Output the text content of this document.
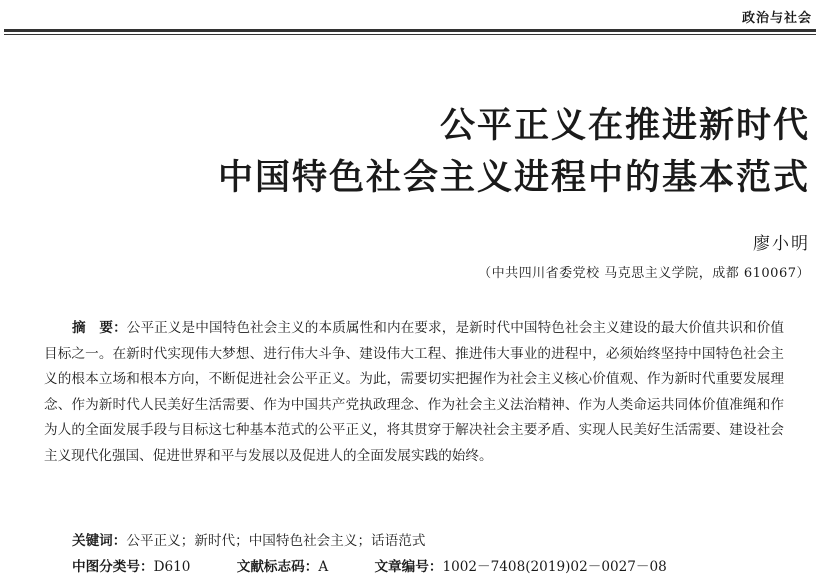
政治与社会
公平正义在推进新时代
中国特色社会主义进程中的基本范式
廖小明
（中共四川省委党校 马克思主义学院，成都 610067）

摘　要：公平正义是中国特色社会主义的本质属性和内在要求，是新时代中国特色社会主义建设的最大价值共识和价值目标之一。在新时代实现伟大梦想、进行伟大斗争、建设伟大工程、推进伟大事业的进程中，必须始终坚持中国特色社会主义的根本立场和根本方向，不断促进社会公平正义。为此，需要切实把握作为社会主义核心价值观、作为新时代重要发展理念、作为新时代人民美好生活需要、作为中国共产党执政理念、作为社会主义法治精神、作为人类命运共同体价值准绳和作为人的全面发展手段与目标这七种基本范式的公平正义，将其贯穿于解决社会主要矛盾、实现人民美好生活需要、建设社会主义现代化强国、促进世界和平与发展以及促进人的全面发展实践的始终。

关键词：公平正义；新时代；中国特色社会主义；话语范式
中图分类号：D610	文献标志码：A	文章编号：1002－7408(2019)02－0027－08
